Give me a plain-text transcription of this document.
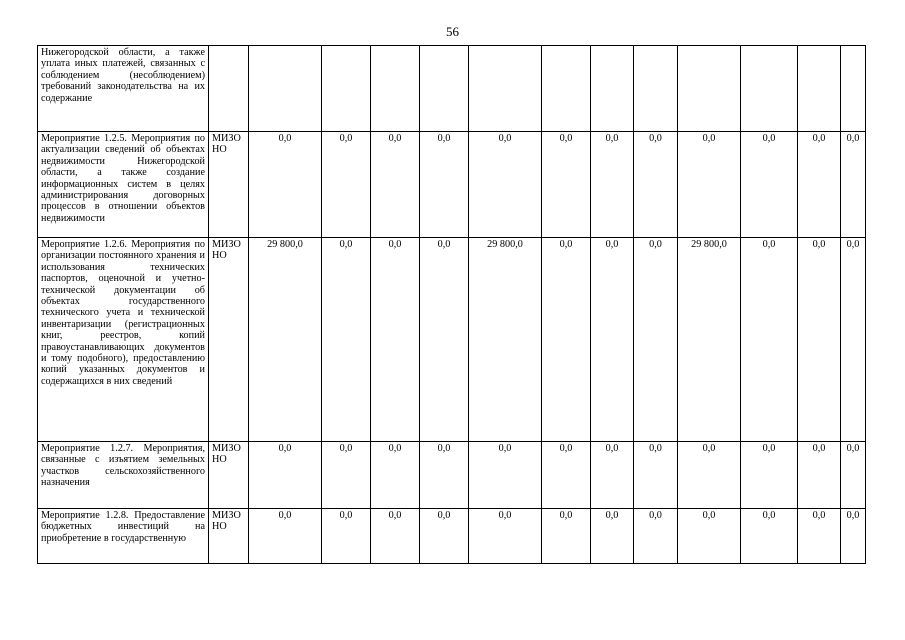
56
Нижегородской области, а также уплата иных платежей, связанных с соблюдением (несоблюдением) требований законодательства на их содержание													
Мероприятие 1.2.5. Мероприятия по актуализации сведений об объектах недвижимости Нижегородской области, а также создание информационных систем в целях администрирования договорных процессов в отношении объектов недвижимости	МИЗО НО	0,0	0,0	0,0	0,0	0,0	0,0	0,0	0,0	0,0	0,0	0,0	0,0
Мероприятие 1.2.6. Мероприятия по организации постоянного хранения и использования технических паспортов, оценочной и учетно-технической документации об объектах государственного технического учета и технической инвентаризации (регистрационных книг, реестров, копий правоустанавливающих документов и тому подобного), предоставлению копий указанных документов и содержащихся в них сведений	МИЗО НО	29 800,0	0,0	0,0	0,0	29 800,0	0,0	0,0	0,0	29 800,0	0,0	0,0	0,0
Мероприятие 1.2.7. Мероприятия, связанные с изъятием земельных участков сельскохозяйственного назначения	МИЗО НО	0,0	0,0	0,0	0,0	0,0	0,0	0,0	0,0	0,0	0,0	0,0	0,0
Мероприятие 1.2.8. Предоставление бюджетных инвестиций на приобретение в государственную	МИЗО НО	0,0	0,0	0,0	0,0	0,0	0,0	0,0	0,0	0,0	0,0	0,0	0,0
